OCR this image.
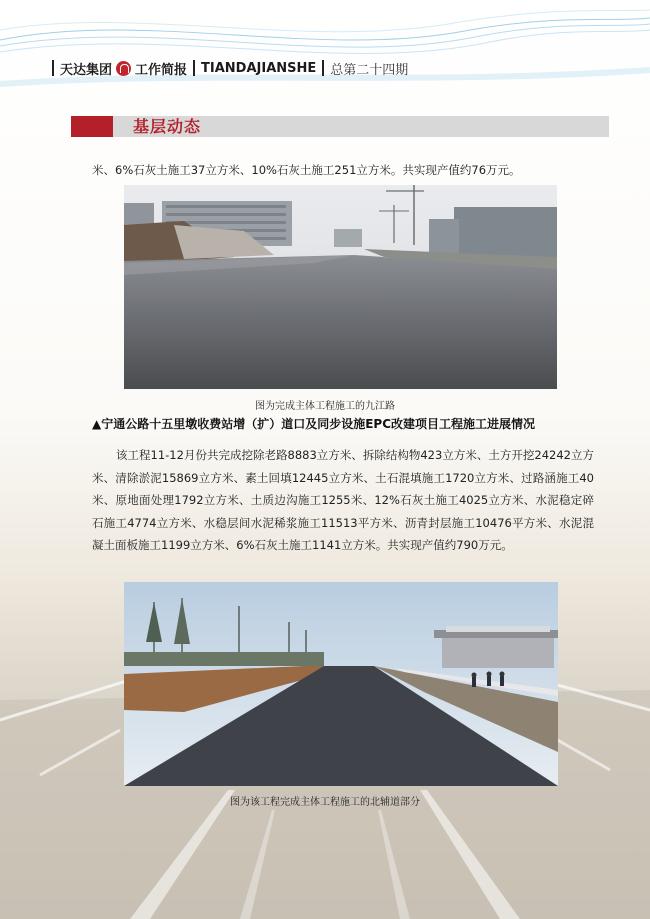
天达集团 工作简报 TIANDAJIANSHE 总第二十四期
基层动态
米、6%石灰土施工37立方米、10%石灰土施工251立方米。共实现产值约76万元。
图为完成主体工程施工的九江路
▲宁通公路十五里墩收费站增（扩）道口及同步设施EPC改建项目工程施工进展情况
该工程11-12月份共完成挖除老路8883立方米、拆除结构物423立方米、土方开挖24242立方米、清除淤泥15869立方米、素土回填12445立方米、土石混填施工1720立方米、过路涵施工40米、原地面处理1792立方米、土质边沟施工1255米、12%石灰土施工4025立方米、水泥稳定碎石施工4774立方米、水稳层间水泥稀浆施工11513平方米、沥青封层施工10476平方米、水泥混凝土面板施工1199立方米、6%石灰土施工1141立方米。共实现产值约790万元。
图为该工程完成主体工程施工的北辅道部分
